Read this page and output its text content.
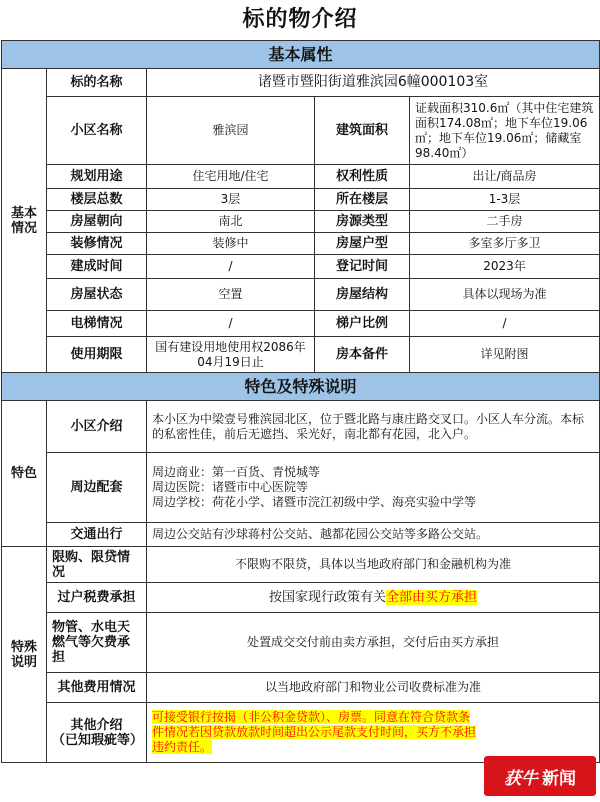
标的物介绍
基本属性				
基本
情况	标的名称	诸暨市暨阳街道雅滨园6幢000103室		
	小区名称	雅滨园	建筑面积	证载面积310.6㎡（其中住宅建筑面积174.08㎡；地下车位19.06㎡；地下车位19.06㎡；储藏室98.40㎡）
	规划用途	住宅用地/住宅	权利性质	出让/商品房
	楼层总数	3层	所在楼层	1-3层
	房屋朝向	南北	房源类型	二手房
	装修情况	装修中	房屋户型	多室多厅多卫
	建成时间	/	登记时间	2023年
	房屋状态	空置	房屋结构	具体以现场为准
	电梯情况	/	梯户比例	/
	使用期限	国有建设用地使用权2086年04月19日止	房本备件	详见附图
特色及特殊说明				
特色	小区介绍	本小区为中梁壹号雅滨园北区，位于暨北路与康庄路交叉口。小区人车分流。本标的私密性佳，前后无遮挡、采光好，南北都有花园，北入户。		
	周边配套	周边商业：第一百货、青悦城等
周边医院：诸暨市中心医院等
周边学校：荷花小学、诸暨市浣江初级中学、海亮实验中学等		

	交通出行	周边公交站有沙球蒋村公交站、越都花园公交站等多路公交站。		
特殊
说明	限购、限贷情况	不限购不限贷，具体以当地政府部门和金融机构为准		
	过户税费承担	按国家现行政策有关全部由买方承担		
	物管、水电天燃气等欠费承担	处置成交交付前由卖方承担，交付后由买方承担		
	其他费用情况	以当地政府部门和物业公司收费标准为准		
	其他介绍
（已知瑕疵等）	可接受银行按揭（非公积金贷款）、房票。同意在符合贷款条件情况若因贷款放款时间超出公示尾款支付时间，买方不承担违约责任。		
获牛 新闻
